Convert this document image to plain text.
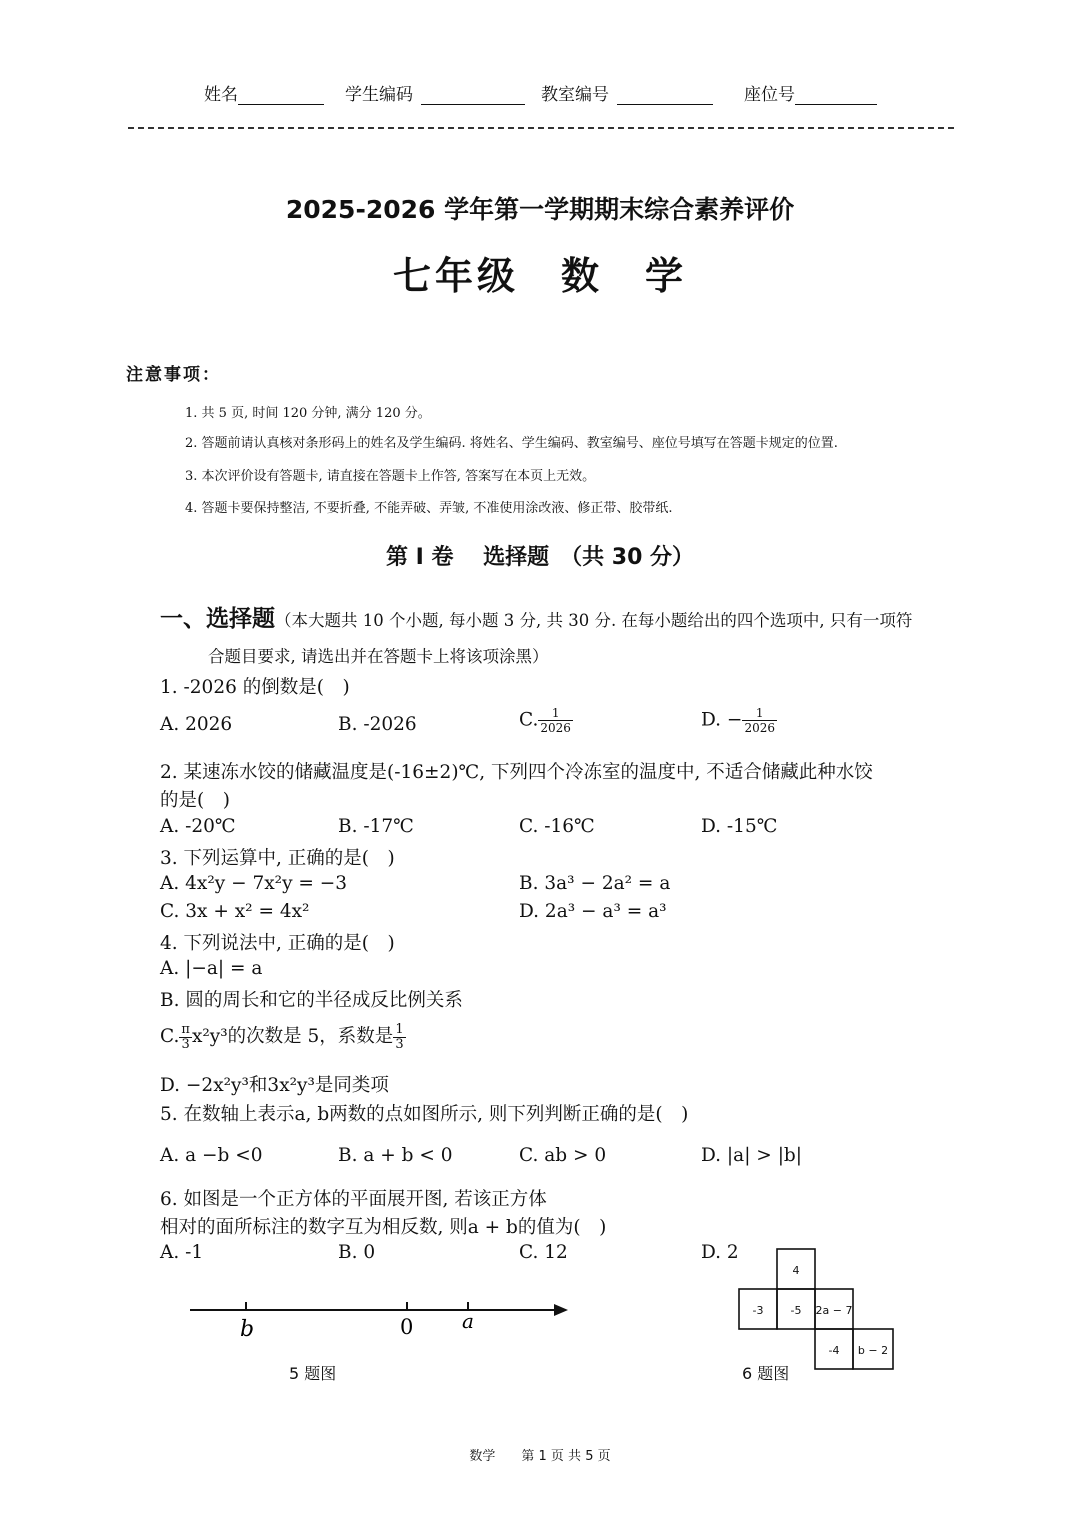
姓名	学生编码	教室编号	座位号
2025-2026 学年第一学期期末综合素养评价
七年级　数　学
注意事项：
1. 共 5 页, 时间 120 分钟, 满分 120 分。
2. 答题前请认真核对条形码上的姓名及学生编码. 将姓名、学生编码、教室编号、座位号填写在答题卡规定的位置.
3. 本次评价设有答题卡, 请直接在答题卡上作答, 答案写在本页上无效。
4. 答题卡要保持整洁, 不要折叠, 不能弄破、弄皱, 不准使用涂改液、修正带、胶带纸.
第 I 卷　 选择题　（共 30 分）
一、选择题（本大题共 10 个小题, 每小题 3 分, 共 30 分. 在每小题给出的四个选项中, 只有一项符
合题目要求, 请选出并在答题卡上将该项涂黑）
1. -2026 的倒数是(　)
A. 2026	B. -2026	C. $\frac{1}{2026}$	D. − $\frac{1}{2026}$
2. 某速冻水饺的储藏温度是(-16±2)℃, 下列四个冷冻室的温度中, 不适合储藏此种水饺
的是(　)
A. -20℃	B. -17℃	C. -16℃	D. -15℃
3. 下列运算中, 正确的是(　)
A. 4x²y − 7x²y = −3	B. 3a³ − 2a² = a
C. 3x + x² = 4x²	D. 2a³ − a³ = a³
4. 下列说法中, 正确的是(　)
A. |−a| = a
B. 圆的周长和它的半径成反比例关系
C. $\frac{\pi}{3} x^2y^3$的次数是 5，系数是 $\frac{1}{3}$
D. −2x²y³和3x²y³是同类项
5. 在数轴上表示a, b两数的点如图所示, 则下列判断正确的是(　)
A. a −b <0	B. a + b < 0	C. ab > 0	D. |a| > |b|
6. 如图是一个正方体的平面展开图, 若该正方体
相对的面所标注的数字互为相反数, 则a + b的值为(　)
A. -1	B. 0	C. 12	D. 2
b	0 a
5 题图
4
-3 -5 2a − 7
-4 b − 2
6 题图
数学　　第 1 页 共 5 页
